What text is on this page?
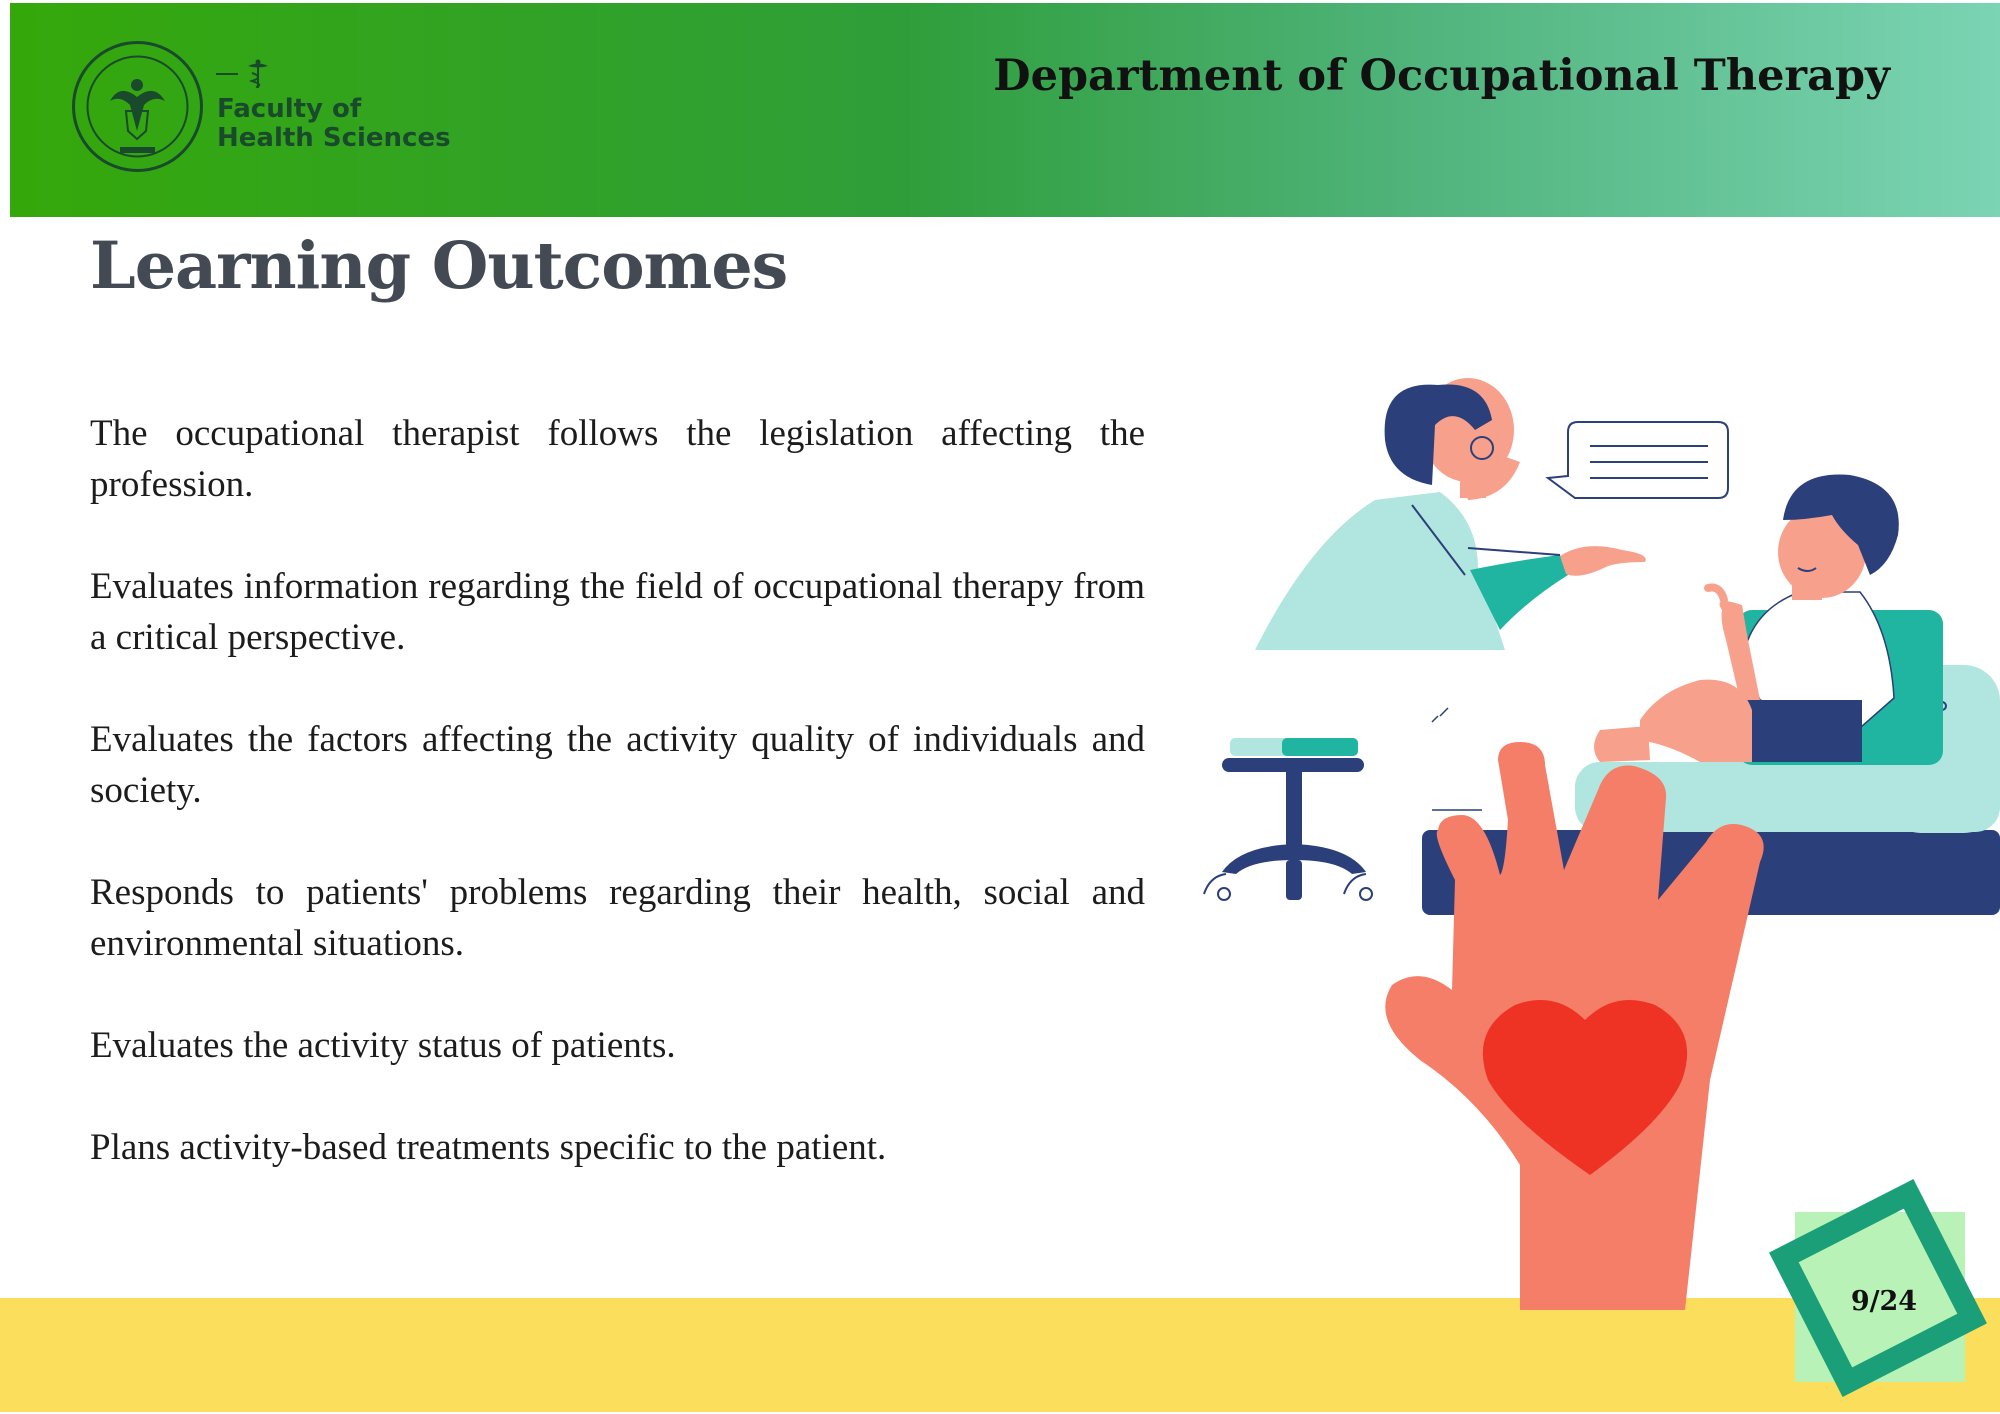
Faculty of
Health Sciences
Department of Occupational Therapy
Learning Outcomes
The occupational therapist follows the legislation affecting the profession.
Evaluates information regarding the field of occupational therapy from a critical perspective.
Evaluates the factors affecting the activity quality of individuals and society.
Responds to patients' problems regarding their health, social and environmental situations.
Evaluates the activity status of patients.
Plans activity-based treatments specific to the patient.
9/24
